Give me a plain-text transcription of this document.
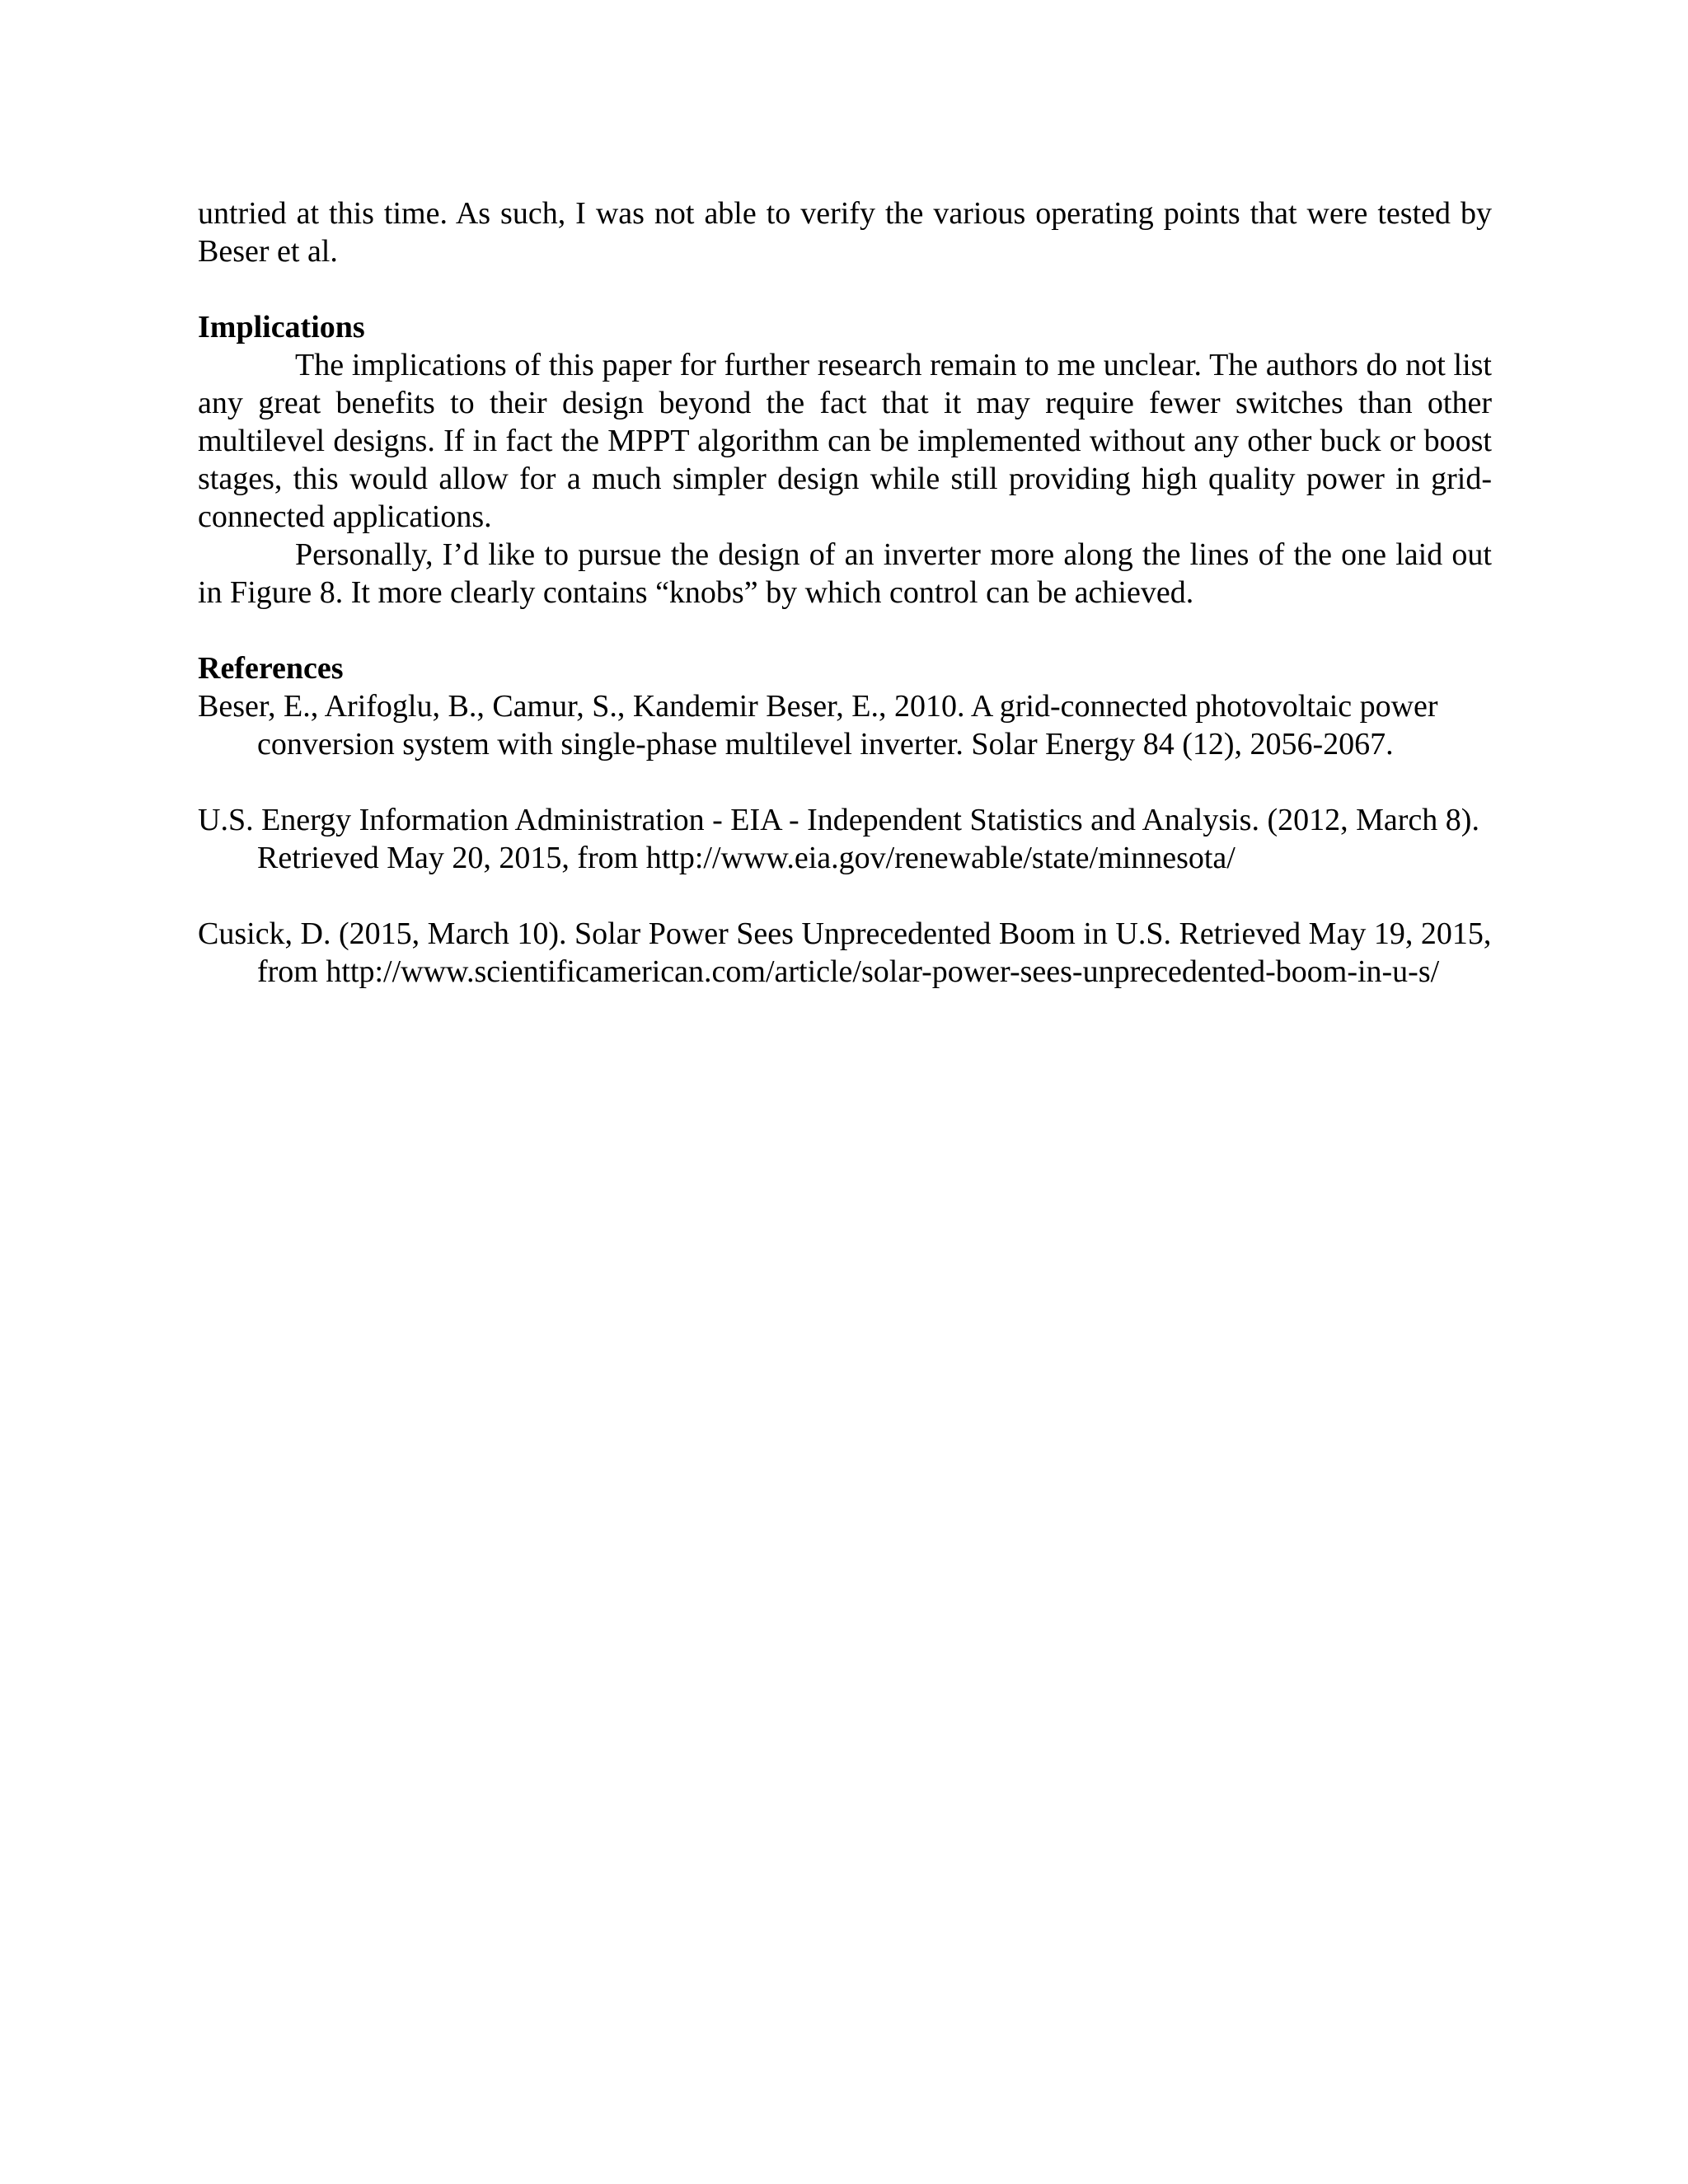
untried at this time. As such, I was not able to verify the various operating points that were tested by Beser et al.

Implications

The implications of this paper for further research remain to me unclear. The authors do not list any great benefits to their design beyond the fact that it may require fewer switches than other multilevel designs. If in fact the MPPT algorithm can be implemented without any other buck or boost stages, this would allow for a much simpler design while still providing high quality power in grid-connected applications.

Personally, I’d like to pursue the design of an inverter more along the lines of the one laid out in Figure 8. It more clearly contains “knobs” by which control can be achieved.

References

Beser, E., Arifoglu, B., Camur, S., Kandemir Beser, E., 2010. A grid-connected photovoltaic power conversion system with single-phase multilevel inverter. Solar Energy 84 (12), 2056-2067.

U.S. Energy Information Administration - EIA - Independent Statistics and Analysis. (2012, March 8). Retrieved May 20, 2015, from http://www.eia.gov/renewable/state/minnesota/

Cusick, D. (2015, March 10). Solar Power Sees Unprecedented Boom in U.S. Retrieved May 19, 2015, from http://www.scientificamerican.com/article/solar-power-sees-unprecedented-boom-in-u-s/
